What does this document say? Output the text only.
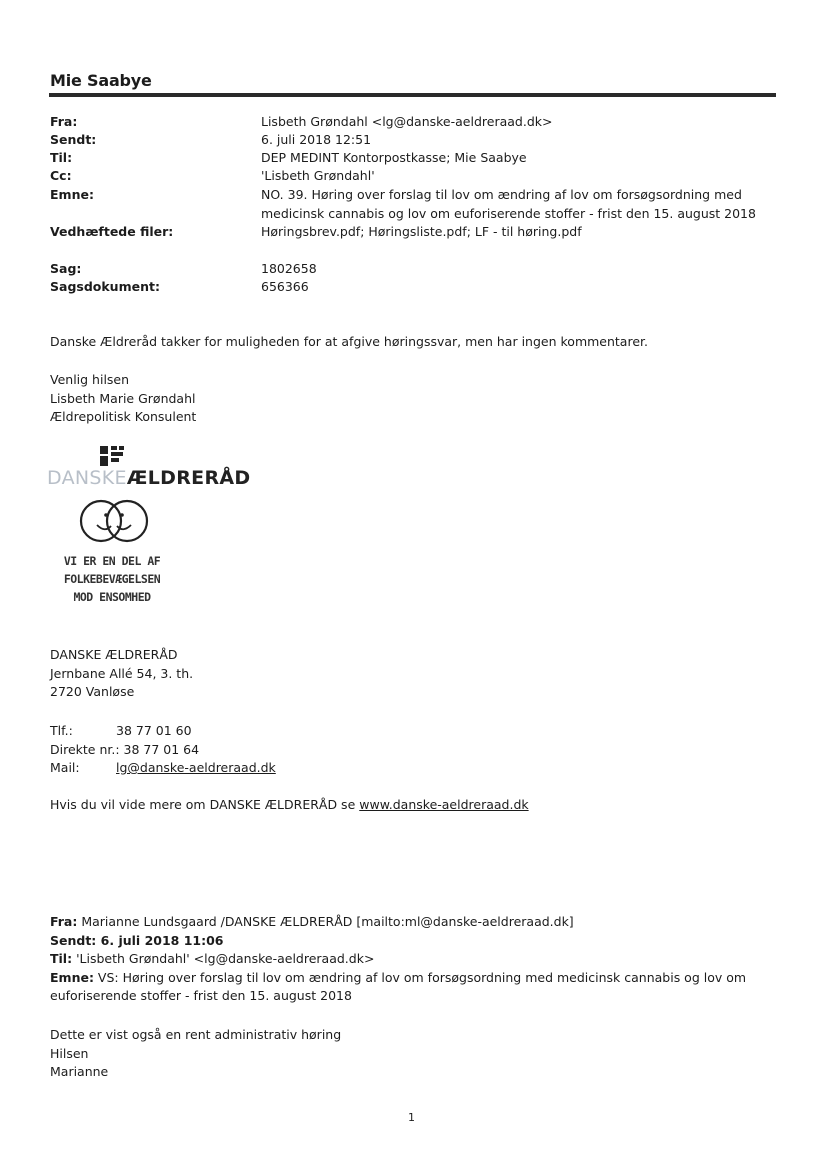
Mie Saabye
Fra:	Lisbeth Grøndahl <lg@danske-aeldreraad.dk>
Sendt:	6. juli 2018 12:51
Til:	DEP MEDINT Kontorpostkasse; Mie Saabye
Cc:	'Lisbeth Grøndahl'
Emne:	NO. 39. Høring over forslag til lov om ændring af lov om forsøgsordning med
medicinsk cannabis og lov om euforiserende stoffer - frist den 15. august 2018
Vedhæftede filer:	Høringsbrev.pdf; Høringsliste.pdf; LF - til høring.pdf
Sag:	1802658
Sagsdokument:	656366
Danske Ældreråd takker for muligheden for at afgive høringssvar, men har ingen kommentarer.
Venlig hilsen
Lisbeth Marie Grøndahl
Ældrepolitisk Konsulent
DANSKEÆLDRERÅD
VI ER EN DEL AF
FOLKEBEVÆGELSEN
MOD ENSOMHED
DANSKE ÆLDRERÅD
Jernbane Allé 54, 3. th.
2720 Vanløse
Tlf.:	38 77 01 60
Direkte nr.: 38 77 01 64
Mail:	lg@danske-aeldreraad.dk
Hvis du vil vide mere om DANSKE ÆLDRERÅD se www.danske-aeldreraad.dk
Fra: Marianne Lundsgaard /DANSKE ÆLDRERÅD [mailto:ml@danske-aeldreraad.dk]
Sendt: 6. juli 2018 11:06
Til: 'Lisbeth Grøndahl' <lg@danske-aeldreraad.dk>
Emne: VS: Høring over forslag til lov om ændring af lov om forsøgsordning med medicinsk cannabis og lov om
euforiserende stoffer - frist den 15. august 2018
Dette er vist også en rent administrativ høring
Hilsen
Marianne
1
